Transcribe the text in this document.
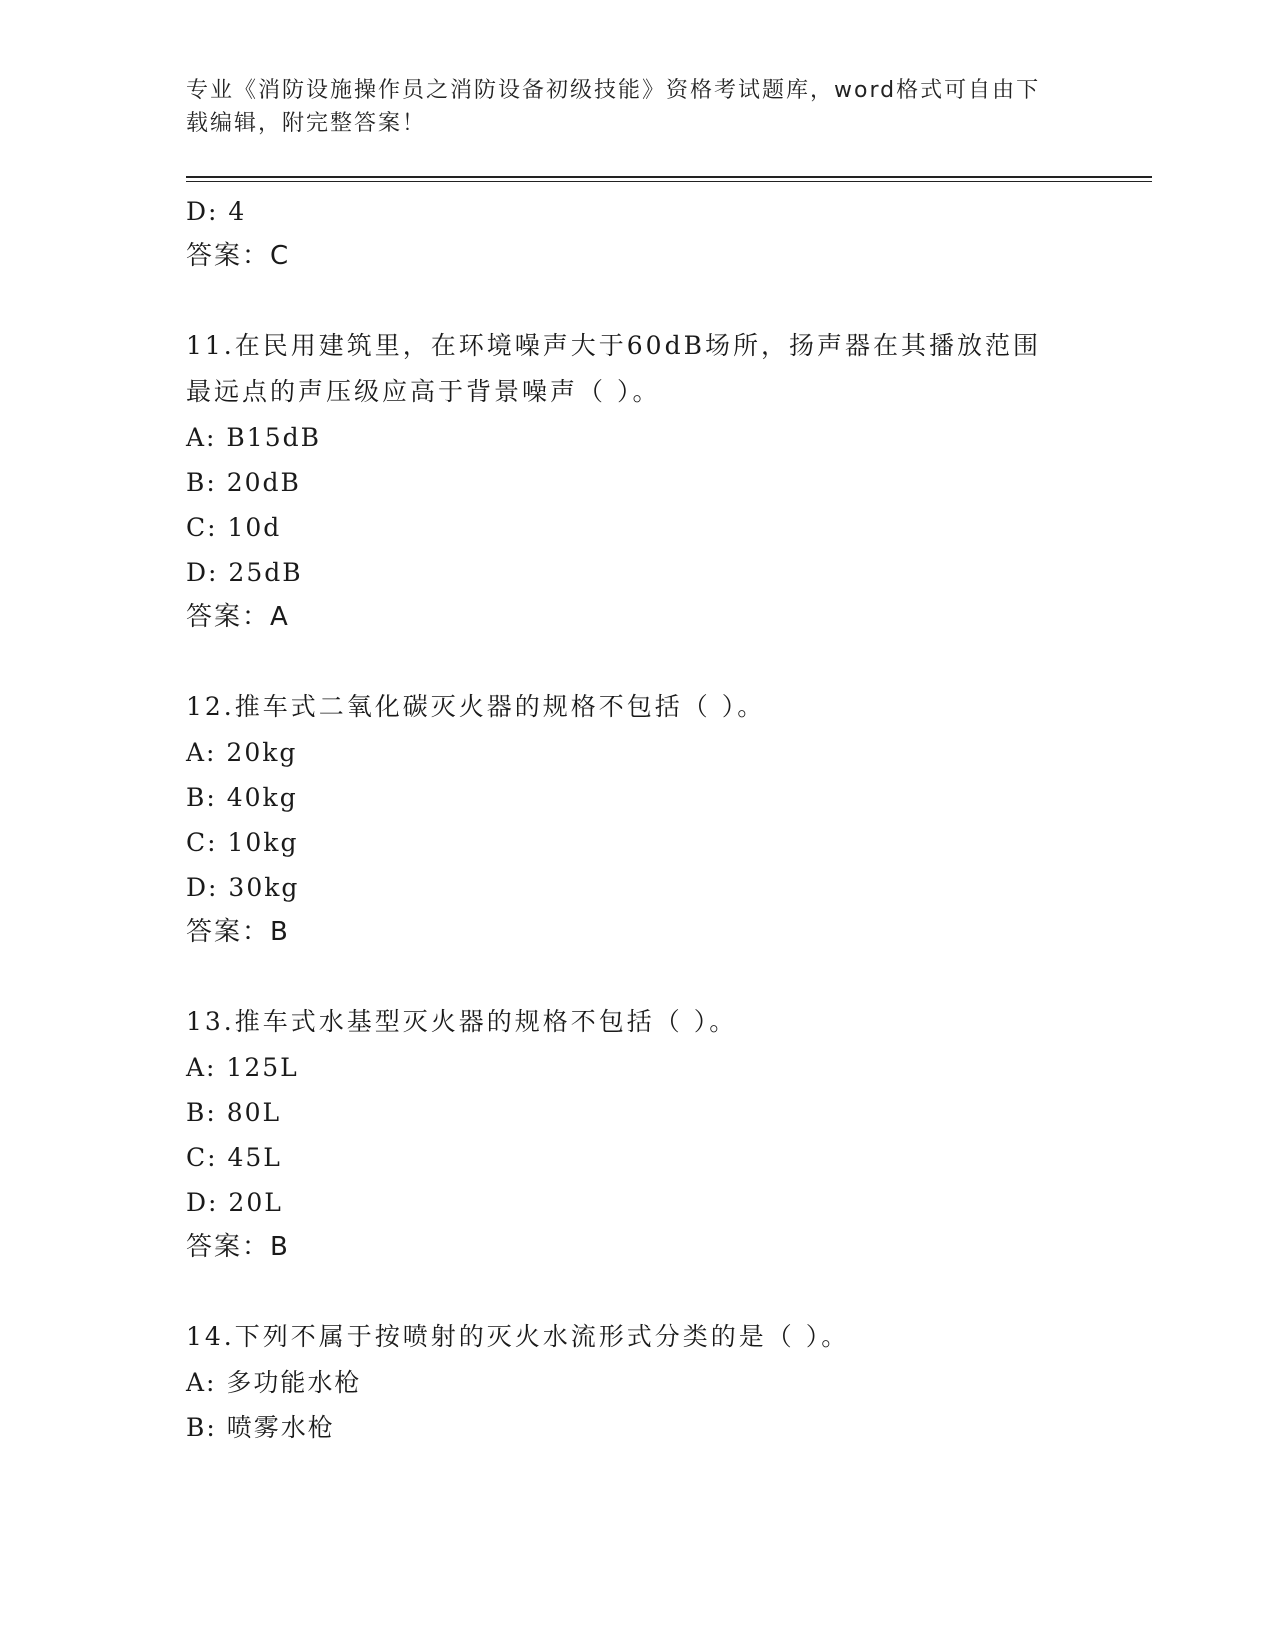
专业《消防设施操作员之消防设备初级技能》资格考试题库，word格式可自由下
载编辑，附完整答案！
D: 4
答案：C
11.在民用建筑里，在环境噪声大于60dB场所，扬声器在其播放范围
最远点的声压级应高于背景噪声（ ）。
A: B15dB
B: 20dB
C: 10d
D: 25dB
答案：A
12.推车式二氧化碳灭火器的规格不包括（ ）。
A: 20kg
B: 40kg
C: 10kg
D: 30kg
答案：B
13.推车式水基型灭火器的规格不包括（ ）。
A: 125L
B: 80L
C: 45L
D: 20L
答案：B
14.下列不属于按喷射的灭火水流形式分类的是（ ）。
A: 多功能水枪
B: 喷雾水枪
